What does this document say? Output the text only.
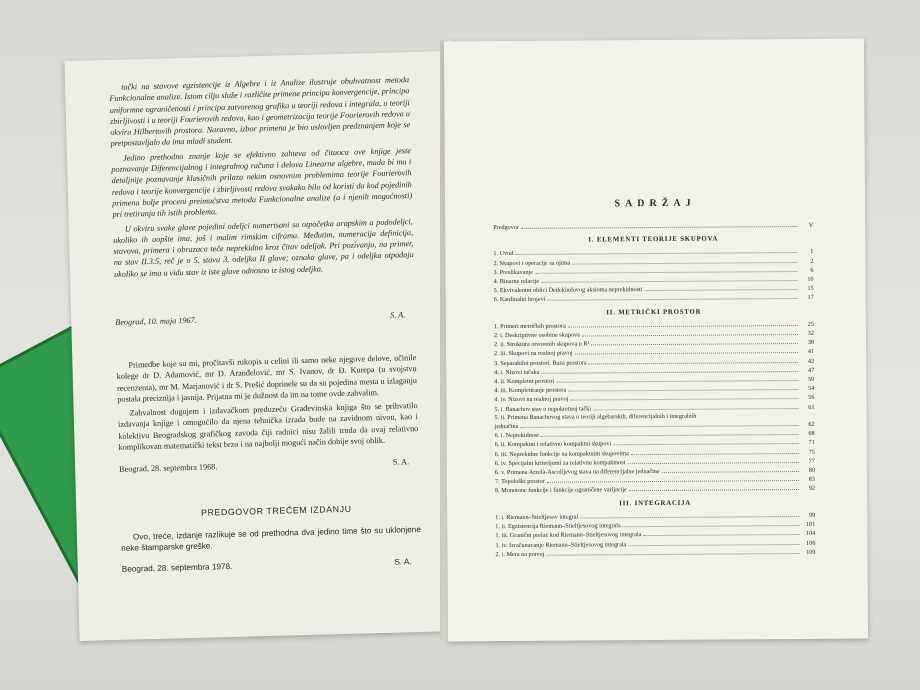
tački na stavove egzistencije iz Algebre i iz Analize ilustruje obuhvatnost metoda Funkcionalne analize. Istom cilju služe i različite primene principa konvergencije, principa uniformne ograničenosti i principa zatvorenog grafika u teoriji redova i integrala, u teoriji zbirljivosti i u teoriji Fourierovih redova, kao i geometrizacija teorije Fourierovih redova u okviru Hilbertovih prostora. Naravno, izbor primena je bio uslovljen predznanjem koje se pretpostavljalo da ima mladi student.

Jedino prethodno znanje koje se efektivno zahteva od čitaoca ove knjige jeste poznavanje Diferencijalnog i integralnog računa i delova Linearne algebre, mada bi mu i detaljnije poznavanje klasičnih prilaza nekim osnovnim problemima teorije Fourierovih redova i teorije konvergencije i zbirljivosti redova svakako bilo od koristi da kod pojedinih primena bolje proceni preimućstva metoda Funkcionalne analize (a i njenih mogućnosti) pri tretiranju tih istih problema.

U okviru svake glave pojedini odeljci numerisani su otpočetka arapskim a pododeljci, ukoliko ih uopšte ima, još i malim rimskim ciframa. Međutim, numeracija definicija, stavova, primera i obrazaca teče neprekidno kroz čitav odeljak. Pri pozivanju, na primer, na stav II.3.5, reč je o 5. stavu 3. odeljka II glave; oznaka glave, pa i odeljka otpadaju ukoliko se ima u vidu stav iz iste glave odnosno iz istog odeljka.

Beograd, 10. maja 1967.
S. A.

Primedbe koje su mi, pročitavši rukopis u celini ili samo neke njegove delove, učinile kolege dr D. Adamović, mr D. Aranđelović, mr S. Ivanov, dr Đ. Kurepa (u svojstvu recenzenta), mr M. Marjanović i dr S. Prešić doprinele su da su pojedina mesta u izlaganju postala preciznija i jasnija. Prijatna mi je dužnost da im na tome ovde zahvalim.

Zahvalnost dugujem i izdavačkom preduzeću Građevinska knjiga što se prihvatilo izdavanja knjige i omogućilo da njena tehnička izrada bude na zavidnom nivou, kao i kolektivu Beogradskog grafičkog zavoda čiji radnici nisu žalili truda da ovaj relativno komplikovan matematički tekst brzo i na najbolji mogući način dobije svoj oblik.

Beograd, 28. septembra 1968.
S. A.
PREDGOVOR TREĆEM IZDANJU

Ovo, treće, izdanje razlikuje se od prethodna dva jedino time što su uklonjene neke štamparske greške.

Beograd, 28. septembra 1978.	S. A.
SADRŽAJ
Predgovor	V
I. ELEMENTI TEORIJE SKUPOVA
1. Uvod	1
2. Skupovi i operacije sa njima	2
3. Preslikavanje	6
4. Binarne relacije	10
5. Ekvivalentni oblici Dedekindovog aksioma neprekidnosti	15
6. Kardinalni brojevi	17
II. METRIČKI PROSTOR
1. Primeri metričkih prostora	25
2. i. Deskriptivne osobine skupova	32
2. ii. Struktura otvorenih skupova u R¹	38
2. iii. Skupovi na realnoj pravoj	41
3. Separabilni prostori. Baza prostora	42
4. i. Nizovi tačaka	47
4. ii. Kompletni prostori	50
4. iii. Kompletiranje prostora	54
4. iv. Nizovi na realnoj pravoj	56
5. i. Banachov stav o nepokretnoj tački	61
5. ii. Primena Banachovog stava u teoriji algebarskih, diferencijalnih i integralnih
jednačina	62
6. i. Neprekidnost	68
6. ii. Kompaktni i relativno kompaktni skupovi	71
6. iii. Neprekidne funkcije na kompaktnim skupovima	75
6. iv. Specijalni kriterijumi za relativnu kompaktnost	77
6. v. Primena Arzelà-Ascolijevog stava na diferencijalne jednačine	80
7. Topološki prostor	83
8. Monotone funkcije i funkcije ograničene varijacije	92
III. INTEGRACIJA
1. i. Riemann–Stieltjesov integral	99
1. ii. Egzistencija Riemann–Stieltjesovog integrala	101
1. iii. Granični prelaz kod Riemann–Stieltjesovog integrala	104
1. iv. Izračunavanje Riemann–Stieltjesovog integrala	106
2. i. Mera na pravoj	109
